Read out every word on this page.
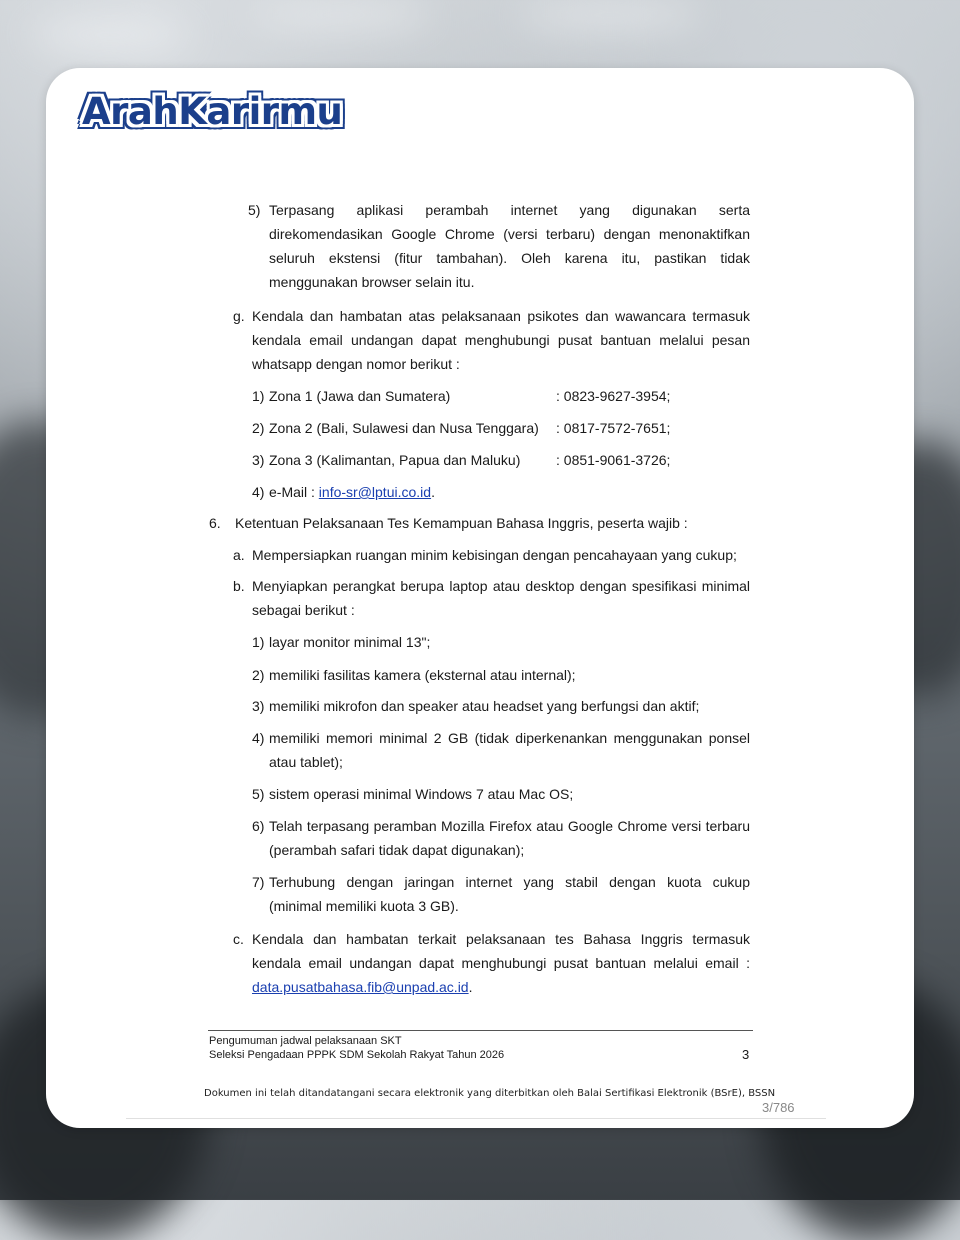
ArahKarirmu
5) Terpasang aplikasi perambah internet yang digunakan serta
direkomendasikan Google Chrome (versi terbaru) dengan menonaktifkan
seluruh ekstensi (fitur tambahan). Oleh karena itu, pastikan tidak
menggunakan browser selain itu.
g. Kendala dan hambatan atas pelaksanaan psikotes dan wawancara termasuk
kendala email undangan dapat menghubungi pusat bantuan melalui pesan
whatsapp dengan nomor berikut :
1) Zona 1 (Jawa dan Sumatera)	: 0823-9627-3954;
2) Zona 2 (Bali, Sulawesi dan Nusa Tenggara) : 0817-7572-7651;
3) Zona 3 (Kalimantan, Papua dan Maluku)	: 0851-9061-3726;
4) e-Mail : info-sr@lptui.co.id.
6. Ketentuan Pelaksanaan Tes Kemampuan Bahasa Inggris, peserta wajib :
a. Mempersiapkan ruangan minim kebisingan dengan pencahayaan yang cukup;
b. Menyiapkan perangkat berupa laptop atau desktop dengan spesifikasi minimal
sebagai berikut :
1) layar monitor minimal 13";
2) memiliki fasilitas kamera (eksternal atau internal);
3) memiliki mikrofon dan speaker atau headset yang berfungsi dan aktif;
4) memiliki memori minimal 2 GB (tidak diperkenankan menggunakan ponsel
atau tablet);
5) sistem operasi minimal Windows 7 atau Mac OS;
6) Telah terpasang peramban Mozilla Firefox atau Google Chrome versi terbaru
(perambah safari tidak dapat digunakan);
7) Terhubung dengan jaringan internet yang stabil dengan kuota cukup
(minimal memiliki kuota 3 GB).
c. Kendala dan hambatan terkait pelaksanaan tes Bahasa Inggris termasuk
kendala email undangan dapat menghubungi pusat bantuan melalui email :
data.pusatbahasa.fib@unpad.ac.id.
Pengumuman jadwal pelaksanaan SKT
Seleksi Pengadaan PPPK SDM Sekolah Rakyat Tahun 2026	3
Dokumen ini telah ditandatangani secara elektronik yang diterbitkan oleh Balai Sertifikasi Elektronik (BSrE), BSSN
3/786
